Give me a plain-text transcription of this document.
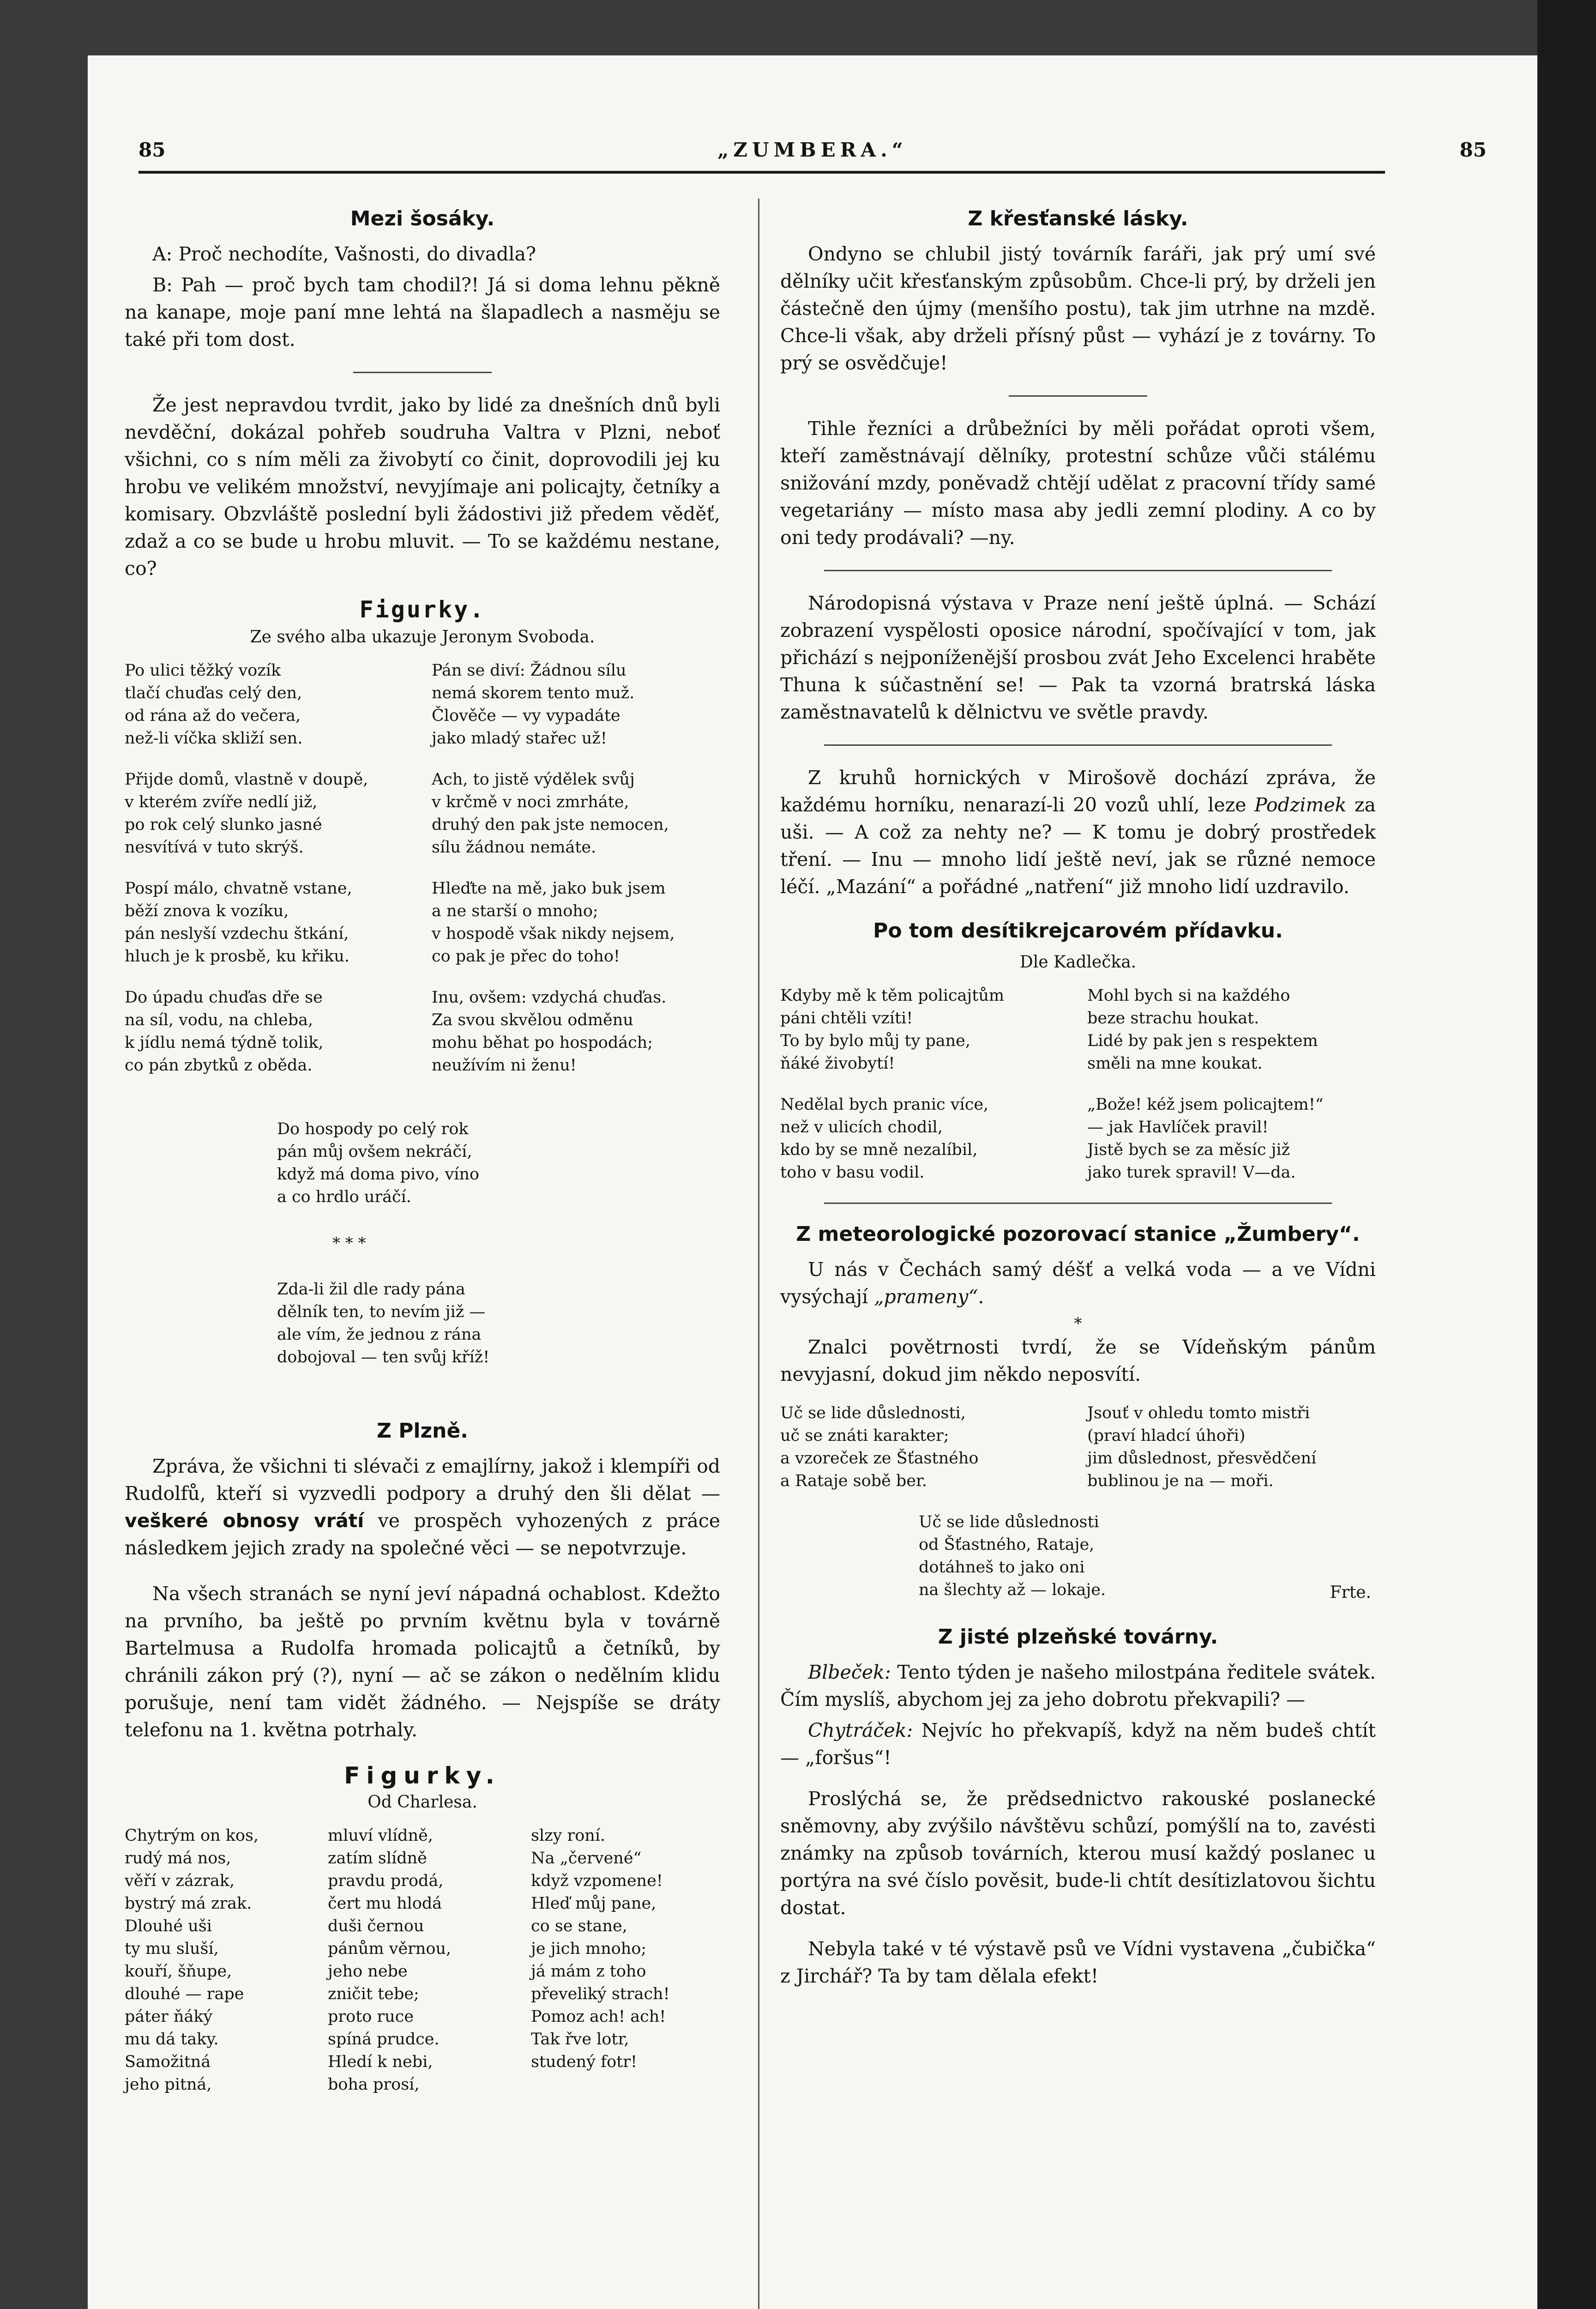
85	„ZUMBERA.“	85
Mezi šosáky.

A: Proč nechodíte, Vašnosti, do divadla?

B: Pah — proč bych tam chodil?! Já si doma lehnu pěkně na kanape, moje paní mne lehtá na šlapadlech a nasměju se také při tom dost.

Že jest nepravdou tvrdit, jako by lidé za dnešních dnů byli nevděční, dokázal pohřeb soudruha Valtra v Plzni, neboť všichni, co s ním měli za živobytí co činit, doprovodili jej ku hrobu ve velikém množství, nevyjímaje ani policajty, četníky a komisary. Obzvláště poslední byli žádostivi již předem věděť, zdaž a co se bude u hrobu mluvit. — To se každému nestane, co?

Figurky.
Ze svého alba ukazuje Jeronym Svoboda.
Po ulici těžký vozík
tlačí chuďas celý den,
od rána až do večera,
než-li víčka skliží sen.
Pán se diví: Žádnou sílu
nemá skorem tento muž.
Člověče — vy vypadáte
jako mladý stařec už!
Přijde domů, vlastně v doupě,
v kterém zvíře nedlí již,
po rok celý slunko jasné
nesvítívá v tuto skrýš.
Ach, to jistě výdělek svůj
v krčmě v noci zmrháte,
druhý den pak jste nemocen,
sílu žádnou nemáte.
Pospí málo, chvatně vstane,
běží znova k vozíku,
pán neslyší vzdechu štkání,
hluch je k prosbě, ku křiku.
Hleďte na mě, jako buk jsem
a ne starší o mnoho;
v hospodě však nikdy nejsem,
co pak je přec do toho!
Do úpadu chuďas dře se
na síl, vodu, na chleba,
k jídlu nemá týdně tolik,
co pán zbytků z oběda.
Inu, ovšem: vzdychá chuďas.
Za svou skvělou odměnu
mohu běhat po hospodách;
neužívím ni ženu!

Do hospody po celý rok
pán můj ovšem nekráčí,
když má doma pivo, víno
a co hrdlo uráčí.

* * *

Zda-li žil dle rady pána
dělník ten, to nevím již —
ale vím, že jednou z rána
dobojoval — ten svůj kříž!

Z Plzně.

Zpráva, že všichni ti slévači z emajlírny, jakož i klempíři od Rudolfů, kteří si vyzvedli podpory a druhý den šli dělat — veškeré obnosy vrátí ve prospěch vyhozených z práce následkem jejich zrady na společné věci — se nepotvrzuje.

Na všech stranách se nyní jeví nápadná ochablost. Kdežto na prvního, ba ještě po prvním květnu byla v továrně Bartelmusa a Rudolfa hromada policajtů a četníků, by chránili zákon prý (?), nyní — ač se zákon o nedělním klidu porušuje, není tam vidět žádného. — Nejspíše se dráty telefonu na 1. května potrhaly.

Figurky.
Od Charlesa.
Chytrým on kos,
rudý má nos,
věří v zázrak,
bystrý má zrak.
Dlouhé uši
ty mu sluší,
kouří, šňupe,
dlouhé — rape
páter ňáký
mu dá taky.
Samožitná
jeho pitná,
mluví vlídně,
zatím slídně
pravdu prodá,
čert mu hlodá
duši černou
pánům věrnou,
jeho nebe
zničit tebe;
proto ruce
spíná prudce.
Hledí k nebi,
boha prosí,
slzy roní.
Na „červené“
když vzpomene!
Hleď můj pane,
co se stane,
je jich mnoho;
já mám z toho
převeliký strach!
Pomoz ach! ach!
Tak řve lotr,
studený fotr!
Z křesťanské lásky.

Ondyno se chlubil jistý továrník faráři, jak prý umí své dělníky učit křesťanským způsobům. Chce-li prý, by drželi jen částečně den újmy (menšího postu), tak jim utrhne na mzdě. Chce-li však, aby drželi přísný půst — vyhází je z továrny. To prý se osvědčuje!

Tihle řezníci a drůbežníci by měli pořádat oproti všem, kteří zaměstnávají dělníky, protestní schůze vůči stálému snižování mzdy, poněvadž chtějí udělat z pracovní třídy samé vegetariány — místo masa aby jedli zemní plodiny. A co by oni tedy prodávali? —ny.

Národopisná výstava v Praze není ještě úplná. — Schází zobrazení vyspělosti oposice národní, spočívající v tom, jak přichází s nejponíženější prosbou zvát Jeho Excelenci hraběte Thuna k súčastnění se! — Pak ta vzorná bratrská láska zaměstnavatelů k dělnictvu ve světle pravdy.

Z kruhů hornických v Mirošově dochází zpráva, že každému horníku, nenarazí-li 20 vozů uhlí, leze Podzimek za uši. — A což za nehty ne? — K tomu je dobrý prostředek tření. — Inu — mnoho lidí ještě neví, jak se různé nemoce léčí. „Mazání“ a pořádné „natření“ již mnoho lidí uzdravilo.

Po tom desítikrejcarovém přídavku.
Dle Kadlečka.
Kdyby mě k těm policajtům
páni chtěli vzíti!
To by bylo můj ty pane,
ňáké živobytí!
Mohl bych si na každého
beze strachu houkat.
Lidé by pak jen s respektem
směli na mne koukat.
Nedělal bych pranic více,
než v ulicích chodil,
kdo by se mně nezalíbil,
toho v basu vodil.
„Bože! kéž jsem policajtem!“
— jak Havlíček pravil!
Jistě bych se za měsíc již
jako turek spravil! V—da.
Z meteorologické pozorovací stanice „Žumbery“.

U nás v Čechách samý déšť a velká voda — a ve Vídni vysýchají „prameny“.

*

Znalci povětrnosti tvrdí, že se Vídeňským pánům nevyjasní, dokud jim někdo neposvítí.

Uč se lide důslednosti,
uč se znáti karakter;
a vzoreček ze Šťastného
a Rataje sobě ber.
Jsouť v ohledu tomto mistři
(praví hladcí úhoři)
jim důslednost, přesvědčení
bublinou je na — moři.
Uč se lide důslednosti
od Šťastného, Rataje,
dotáhneš to jako oni
na šlechty až — lokaje.	Frte.
Z jisté plzeňské továrny.

Blbeček: Tento týden je našeho milostpána ředitele svátek. Čím myslíš, abychom jej za jeho dobrotu překvapili? —

Chytráček: Nejvíc ho překvapíš, když na něm budeš chtít — „foršus“!

Proslýchá se, že prědsednictvo rakouské poslanecké sněmovny, aby zvýšilo návštěvu schůzí, pomýšlí na to, zavésti známky na způsob továrních, kterou musí každý poslanec u portýra na své číslo pověsit, bude-li chtít desítizlatovou šichtu dostat.

Nebyla také v té výstavě psů ve Vídni vystavena „čubička“ z Jirchář? Ta by tam dělala efekt!
